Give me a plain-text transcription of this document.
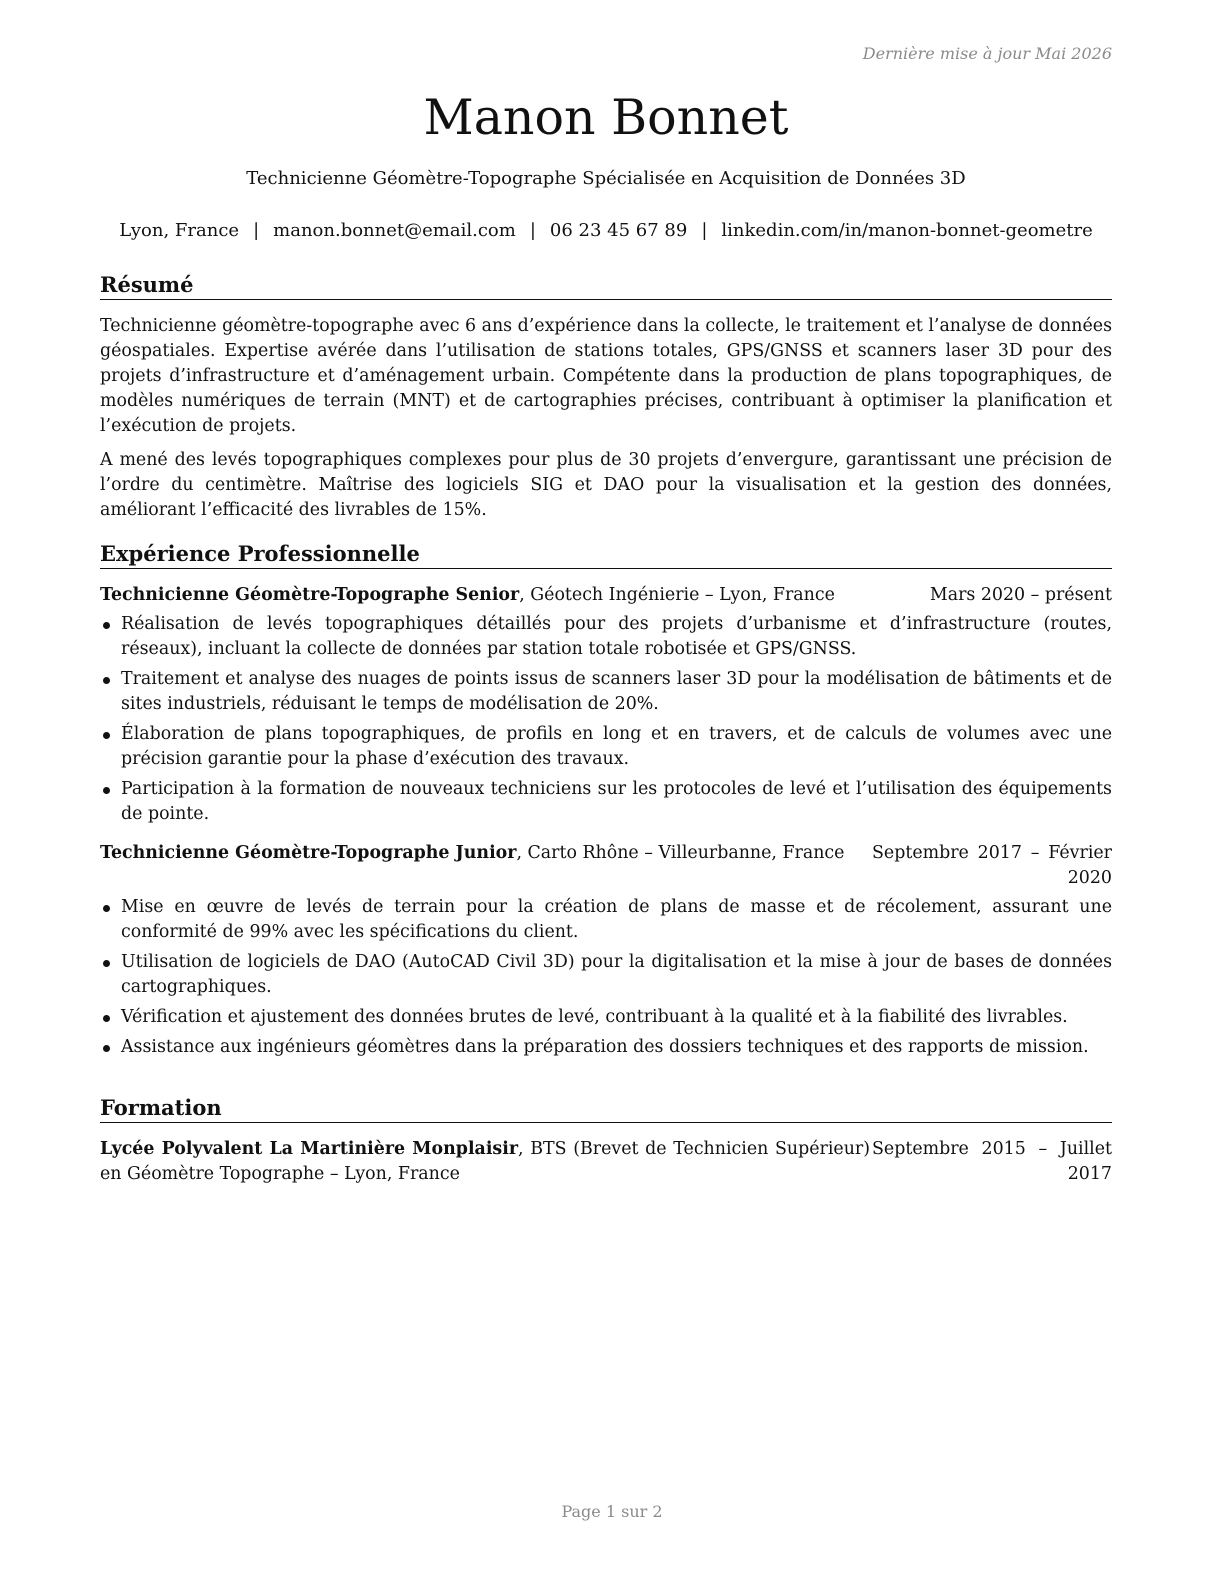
Dernière mise à jour Mai 2026
Manon Bonnet
Technicienne Géomètre-Topographe Spécialisée en Acquisition de Données 3D
Lyon, France | manon.bonnet@email.com | 06 23 45 67 89 | linkedin.com/in/manon-bonnet-geometre
Résumé

Technicienne géomètre-topographe avec 6 ans d’expérience dans la collecte, le traitement et l’analyse de données géospatiales. Expertise avérée dans l’utilisation de stations totales, GPS/GNSS et scanners laser 3D pour des projets d’infrastructure et d’aménagement urbain. Compétente dans la production de plans topographiques, de modèles numériques de terrain (MNT) et de cartographies précises, contribuant à optimiser la planification et l’exécution de projets.

A mené des levés topographiques complexes pour plus de 30 projets d’envergure, garantissant une précision de l’ordre du centimètre. Maîtrise des logiciels SIG et DAO pour la visualisation et la gestion des données, améliorant l’efficacité des livrables de 15%.

Expérience Professionnelle
Technicienne Géomètre-Topographe Senior, Géotech Ingénierie – Lyon, France	Mars 2020 – présent
Réalisation de levés topographiques détaillés pour des projets d’urbanisme et d’infrastructure (routes, réseaux), incluant la collecte de données par station totale robotisée et GPS/GNSS.
Traitement et analyse des nuages de points issus de scanners laser 3D pour la modélisation de bâtiments et de sites industriels, réduisant le temps de modélisation de 20%.
Élaboration de plans topographiques, de profils en long et en travers, et de calculs de volumes avec une précision garantie pour la phase d’exécution des travaux.
Participation à la formation de nouveaux techniciens sur les protocoles de levé et l’utilisation des équipements de pointe.
Technicienne Géomètre-Topographe Junior, Carto Rhône – Villeurbanne, France	Septembre 2017 – Février 2020
Mise en œuvre de levés de terrain pour la création de plans de masse et de récolement, assurant une conformité de 99% avec les spécifications du client.
Utilisation de logiciels de DAO (AutoCAD Civil 3D) pour la digitalisation et la mise à jour de bases de données cartographiques.
Vérification et ajustement des données brutes de levé, contribuant à la qualité et à la fiabilité des livrables.
Assistance aux ingénieurs géomètres dans la préparation des dossiers techniques et des rapports de mission.
Formation
Lycée Polyvalent La Martinière Monplaisir, BTS (Brevet de Technicien Supérieur) en Géomètre Topographe – Lyon, France
Septembre 2015 – Juillet 2017
Page 1 sur 2
